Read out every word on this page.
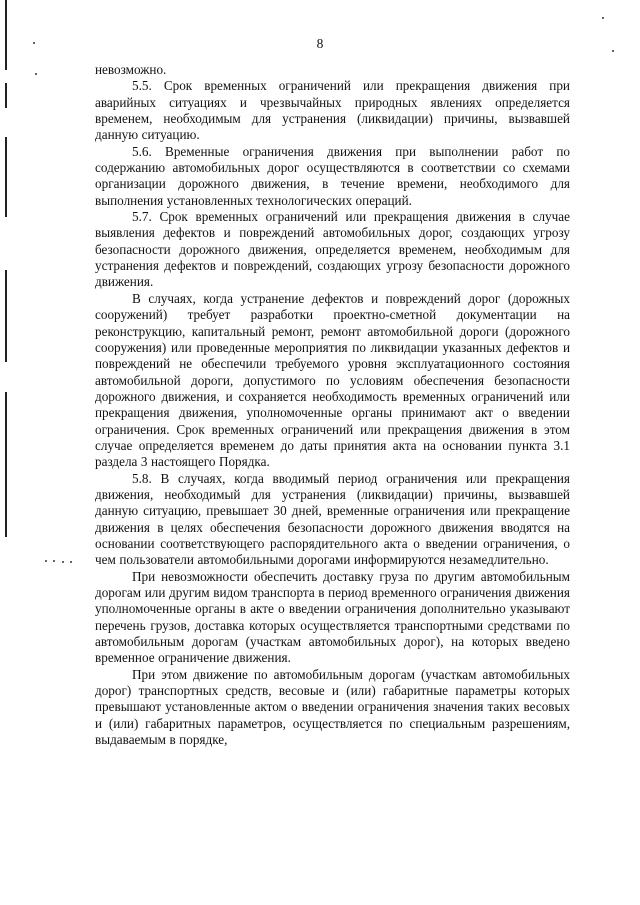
8

невозможно.

5.5. Срок временных ограничений или прекращения движения при аварийных ситуациях и чрезвычайных природных явлениях определяется временем, необходимым для устранения (ликвидации) причины, вызвавшей данную ситуацию.

5.6. Временные ограничения движения при выполнении работ по содержанию автомобильных дорог осуществляются в соответствии со схемами организации дорожного движения, в течение времени, необходимого для выполнения установленных технологических операций.

5.7. Срок временных ограничений или прекращения движения в случае выявления дефектов и повреждений автомобильных дорог, создающих угрозу безопасности дорожного движения, определяется временем, необходимым для устранения дефектов и повреждений, создающих угрозу безопасности дорожного движения.

В случаях, когда устранение дефектов и повреждений дорог (дорожных сооружений) требует разработки проектно-сметной документации на реконструкцию, капитальный ремонт, ремонт автомобильной дороги (дорожного сооружения) или проведенные мероприятия по ликвидации указанных дефектов и повреждений не обеспечили требуемого уровня эксплуатационного состояния автомобильной дороги, допустимого по условиям обеспечения безопасности дорожного движения, и сохраняется необходимость временных ограничений или прекращения движения, уполномоченные органы принимают акт о введении ограничения. Срок временных ограничений или прекращения движения в этом случае определяется временем до даты принятия акта на основании пункта 3.1 раздела 3 настоящего Порядка.

5.8. В случаях, когда вводимый период ограничения или прекращения движения, необходимый для устранения (ликвидации) причины, вызвавшей данную ситуацию, превышает 30 дней, временные ограничения или прекращение движения в целях обеспечения безопасности дорожного движения вводятся на основании соответствующего распорядительного акта о введении ограничения, о чем пользователи автомобильными дорогами информируются незамедлительно.

При невозможности обеспечить доставку груза по другим автомобильным дорогам или другим видом транспорта в период временного ограничения движения уполномоченные органы в акте о введении ограничения дополнительно указывают перечень грузов, доставка которых осуществляется транспортными средствами по автомобильным дорогам (участкам автомобильных дорог), на которых введено временное ограничение движения.

При этом движение по автомобильным дорогам (участкам автомобильных дорог) транспортных средств, весовые и (или) габаритные параметры которых превышают установленные актом о введении ограничения значения таких весовых и (или) габаритных параметров, осуществляется по специальным разрешениям, выдаваемым в порядке,
